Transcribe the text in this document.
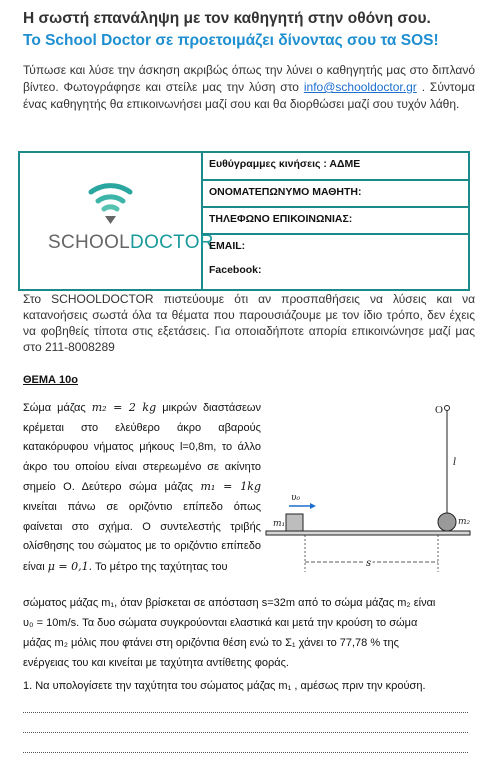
Η σωστή επανάληψη με τον καθηγητή στην οθόνη σου.
Το School Doctor σε προετοιμάζει δίνοντας σου τα SOS!
Τύπωσε και λύσε την άσκηση ακριβώς όπως την λύνει ο καθηγητής μας στο διπλανό βίντεο. Φωτογράφησε και στείλε μας την λύση στο info@schooldoctor.gr . Σύντομα ένας καθηγητής θα επικοινωνήσει μαζί σου και θα διορθώσει μαζί σου τυχόν λάθη.
SCHOOLDOCTOR
Ευθύγραμμες κινήσεις : ΑΔΜΕ
ΟΝΟΜΑΤΕΠΩΝΥΜΟ ΜΑΘΗΤΗ:
ΤΗΛΕΦΩΝΟ ΕΠΙΚΟΙΝΩΝΙΑΣ:
EMAIL:
Facebook:
Στο SCHOOLDOCTOR πιστεύουμε ότι αν προσπαθήσεις να λύσεις και να κατανοήσεις σωστά όλα τα θέματα που παρουσιάζουμε με τον ίδιο τρόπο, δεν έχεις να φοβηθείς τίποτα στις εξετάσεις. Για οποιαδήποτε απορία επικοινώνησε μαζί μας στο 211-8008289
ΘΕΜΑ 10ο
Σώμα μάζας m₂ = 2 kg μικρών διαστάσεων κρέμεται στο ελεύθερο άκρο αβαρούς κατακόρυφου νήματος μήκους l=0,8m, το άλλο άκρο του οποίου είναι στερεωμένο σε ακίνητο σημείο Ο. Δεύτερο σώμα μάζας m₁ = 1kg κινείται πάνω σε οριζόντιο επίπεδο όπως φαίνεται στο σχήμα. Ο συντελεστής τριβής ολίσθησης του σώματος με το οριζόντιο επίπεδο είναι μ = 0,1. Το μέτρο της ταχύτητας του
Ο
l
m₁
υ₀
m₂
s
σώματος μάζας m₁, όταν βρίσκεται σε απόσταση s=32m από το σώμα μάζας m₂ είναι
υ₀ = 10m/s. Τα δυο σώματα συγκρούονται ελαστικά και μετά την κρούση το σώμα
μάζας m₂ μόλις που φτάνει στη οριζόντια θέση ενώ το Σ₁ χάνει το 77,78 % της
ενέργειας του και κινείται με ταχύτητα αντίθετης φοράς.
1. Να υπολογίσετε την ταχύτητα του σώματος μάζας m₁ , αμέσως πριν την κρούση.
